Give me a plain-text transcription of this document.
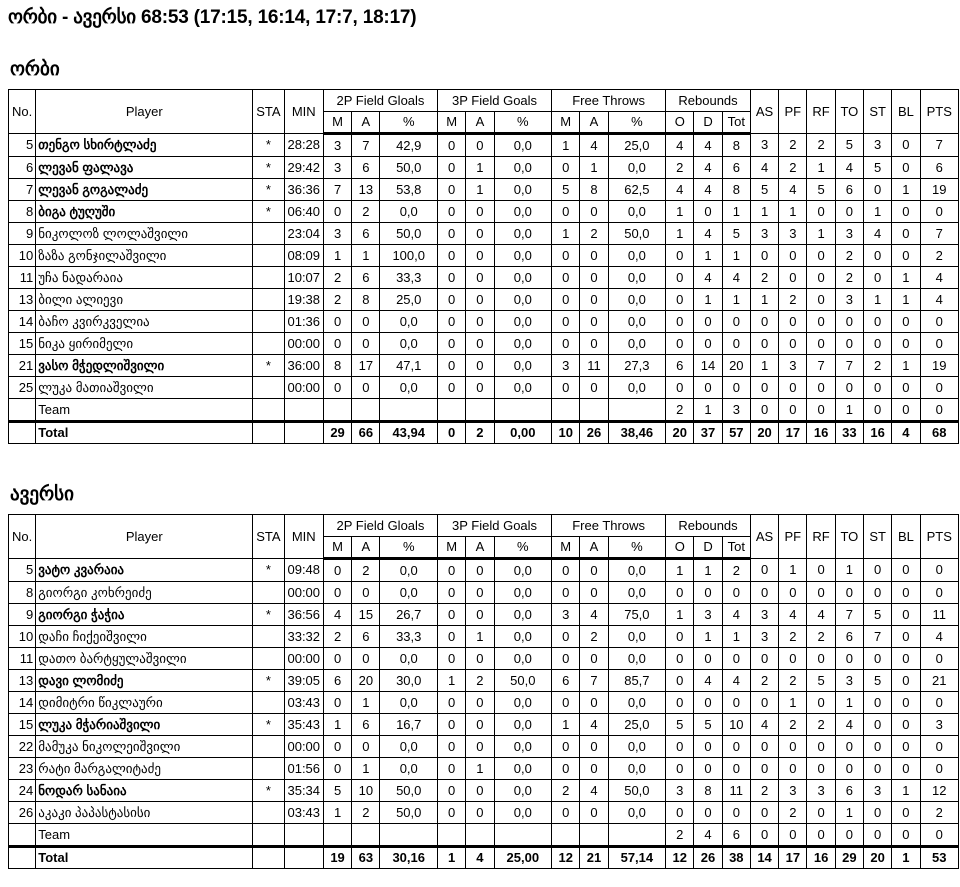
ორბი - ავერსი 68:53 (17:15, 16:14, 17:7, 18:17)
ორბი
ავერსი
No.	Player	STA	MIN	2P Field Gloals			3P Field Goals			Free Throws			Rebounds			AS	PF	RF	TO	ST	BL	PTS
				M	A	%	M	A	%	M	A	%	O	D	Tot							
5	თენგო სხირტლაძე	*	28:28	3	7	42,9	0	0	0,0	1	4	25,0	4	4	8	3	2	2	5	3	0	7
6	ლევან ფალავა	*	29:42	3	6	50,0	0	1	0,0	0	1	0,0	2	4	6	4	2	1	4	5	0	6
7	ლევან გოგალაძე	*	36:36	7	13	53,8	0	1	0,0	5	8	62,5	4	4	8	5	4	5	6	0	1	19
8	ბიგა ტუღუში	*	06:40	0	2	0,0	0	0	0,0	0	0	0,0	1	0	1	1	1	0	0	1	0	0
9	ნიკოლოზ ლოლაშვილი		23:04	3	6	50,0	0	0	0,0	1	2	50,0	1	4	5	3	3	1	3	4	0	7
10	ზაზა გონჯილაშვილი		08:09	1	1	100,0	0	0	0,0	0	0	0,0	0	1	1	0	0	0	2	0	0	2
11	უჩა ნადარაია		10:07	2	6	33,3	0	0	0,0	0	0	0,0	0	4	4	2	0	0	2	0	1	4
13	ბილი ალიევი		19:38	2	8	25,0	0	0	0,0	0	0	0,0	0	1	1	1	2	0	3	1	1	4
14	ბაჩო კვირკველია		01:36	0	0	0,0	0	0	0,0	0	0	0,0	0	0	0	0	0	0	0	0	0	0
15	ნიკა ყირიმელი		00:00	0	0	0,0	0	0	0,0	0	0	0,0	0	0	0	0	0	0	0	0	0	0
21	ვასო მჭედლიშვილი	*	36:00	8	17	47,1	0	0	0,0	3	11	27,3	6	14	20	1	3	7	7	2	1	19
25	ლუკა მათიაშვილი		00:00	0	0	0,0	0	0	0,0	0	0	0,0	0	0	0	0	0	0	0	0	0	0
	Team												2	1	3	0	0	0	1	0	0	0
	Total			29	66	43,94	0	2	0,00	10	26	38,46	20	37	57	20	17	16	33	16	4	68
No.	Player	STA	MIN	2P Field Gloals			3P Field Goals			Free Throws			Rebounds			AS	PF	RF	TO	ST	BL	PTS
				M	A	%	M	A	%	M	A	%	O	D	Tot							
5	ვატო კვარაია	*	09:48	0	2	0,0	0	0	0,0	0	0	0,0	1	1	2	0	1	0	1	0	0	0
8	გიორგი კოხრეიძე		00:00	0	0	0,0	0	0	0,0	0	0	0,0	0	0	0	0	0	0	0	0	0	0
9	გიორგი ჭაჭია	*	36:56	4	15	26,7	0	0	0,0	3	4	75,0	1	3	4	3	4	4	7	5	0	11
10	დაჩი ჩიქეიშვილი		33:32	2	6	33,3	0	1	0,0	0	2	0,0	0	1	1	3	2	2	6	7	0	4
11	დათო ბარტყულაშვილი		00:00	0	0	0,0	0	0	0,0	0	0	0,0	0	0	0	0	0	0	0	0	0	0
13	დავი ლომიძე	*	39:05	6	20	30,0	1	2	50,0	6	7	85,7	0	4	4	2	2	5	3	5	0	21
14	დიმიტრი წიკლაური		03:43	0	1	0,0	0	0	0,0	0	0	0,0	0	0	0	0	1	0	1	0	0	0
15	ლუკა მჭარიაშვილი	*	35:43	1	6	16,7	0	0	0,0	1	4	25,0	5	5	10	4	2	2	4	0	0	3
22	მამუკა ნიკოლეიშვილი		00:00	0	0	0,0	0	0	0,0	0	0	0,0	0	0	0	0	0	0	0	0	0	0
23	რატი მარგალიტაძე		01:56	0	1	0,0	0	1	0,0	0	0	0,0	0	0	0	0	0	0	0	0	0	0
24	ნოდარ სანაია	*	35:34	5	10	50,0	0	0	0,0	2	4	50,0	3	8	11	2	3	3	6	3	1	12
26	აკაკი პაპასტასისი		03:43	1	2	50,0	0	0	0,0	0	0	0,0	0	0	0	0	2	0	1	0	0	2
	Team												2	4	6	0	0	0	0	0	0	0
	Total			19	63	30,16	1	4	25,00	12	21	57,14	12	26	38	14	17	16	29	20	1	53
